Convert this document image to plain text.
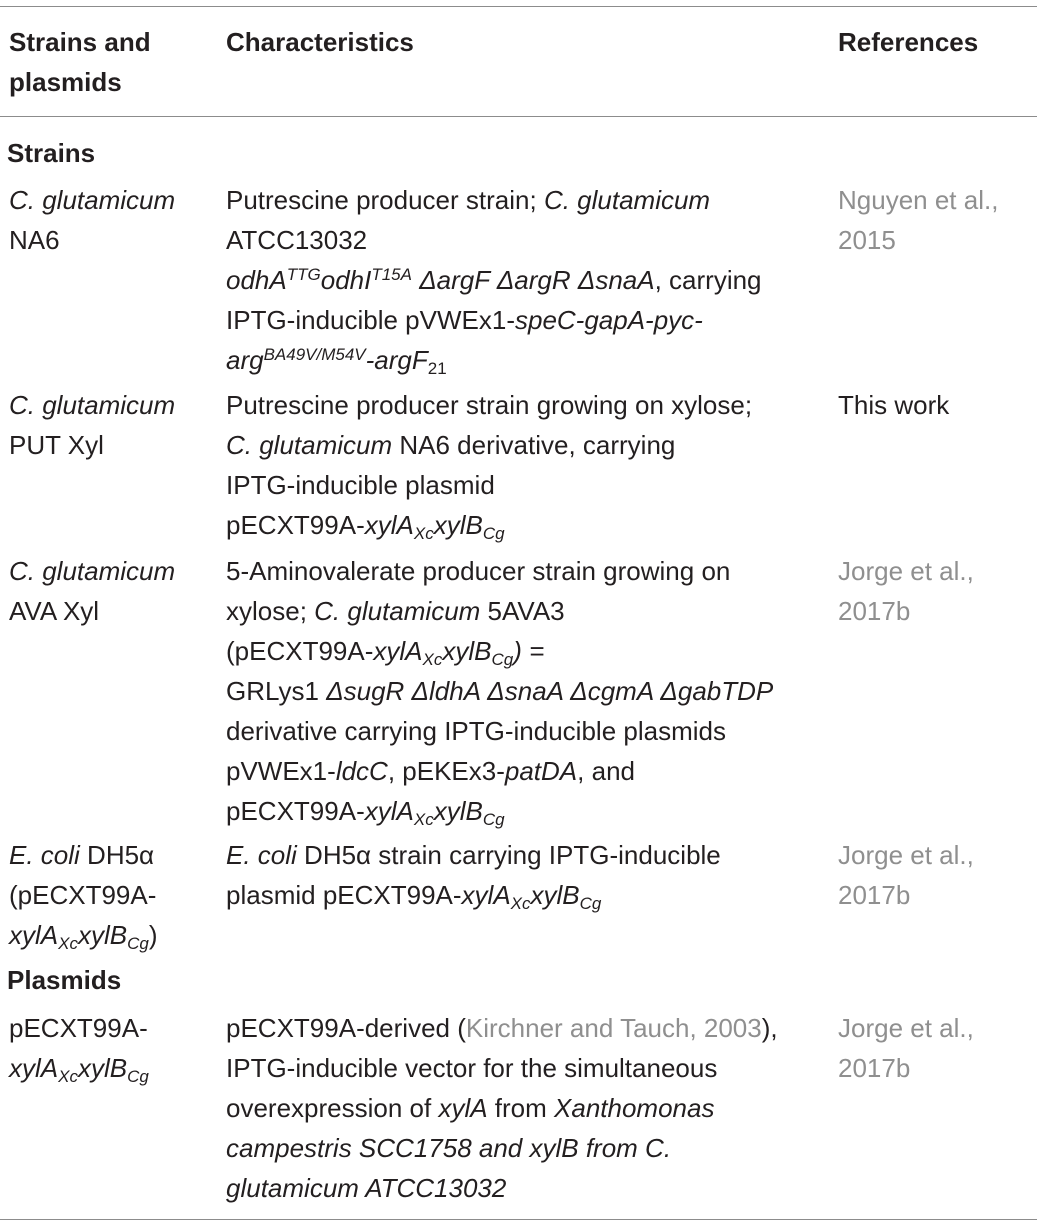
Strains and
plasmids
Characteristics	References
Strains
C. glutamicum
NA6
Putrescine producer strain; C. glutamicum
ATCC13032
odhA$^{TTG}$odhI$^{T15A}$ ΔargF ΔargR ΔsnaA, carrying
IPTG-inducible pVWEx1-speC-gapA-pyc-
arg$^{BA49V/M54V}$-argF$_{21}$
Nguyen et al.,
2015
C. glutamicum
PUT Xyl
Putrescine producer strain growing on xylose;
C. glutamicum NA6 derivative, carrying
IPTG-inducible plasmid
pECXT99A-xylA$_{Xc}$xylB$_{Cg}$
This work
C. glutamicum
AVA Xyl
5-Aminovalerate producer strain growing on
xylose; C. glutamicum 5AVA3
(pECXT99A-xylA$_{Xc}$xylB$_{Cg}$) =
GRLys1 ΔsugR ΔldhA ΔsnaA ΔcgmA ΔgabTDP
derivative carrying IPTG-inducible plasmids
pVWEx1-ldcC, pEKEx3-patDA, and
pECXT99A-xylA$_{Xc}$xylB$_{Cg}$
Jorge et al.,
2017b
E. coli DH5α
(pECXT99A-
xylA$_{Xc}$xylB$_{Cg}$)
E. coli DH5α strain carrying IPTG-inducible
plasmid pECXT99A-xylA$_{Xc}$xylB$_{Cg}$
Jorge et al.,
2017b
Plasmids
pECXT99A-
xylA$_{Xc}$xylB$_{Cg}$
pECXT99A-derived (Kirchner and Tauch, 2003),
IPTG-inducible vector for the simultaneous
overexpression of xylA from Xanthomonas
campestris SCC1758 and xylB from C.
glutamicum ATCC13032
Jorge et al.,
2017b
